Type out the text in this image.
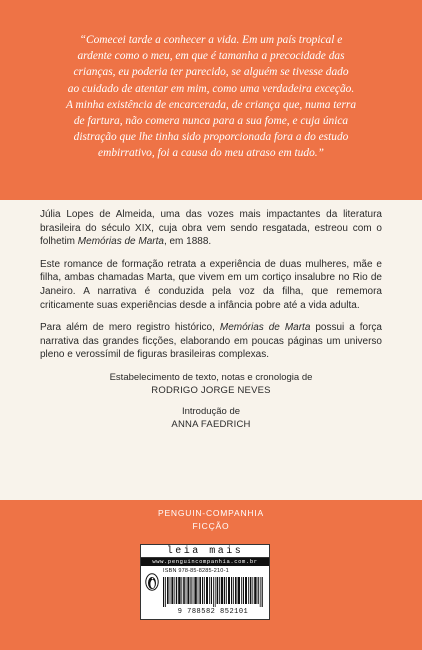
“Comecei tarde a conhecer a vida. Em um país tropical e
ardente como o meu, em que é tamanha a precocidade das
crianças, eu poderia ter parecido, se alguém se tivesse dado
ao cuidado de atentar em mim, como uma verdadeira exceção.
A minha existência de encarcerada, de criança que, numa terra
de fartura, não comera nunca para a sua fome, e cuja única
distração que lhe tinha sido proporcionada fora a do estudo
embirrativo, foi a causa do meu atraso em tudo.”

Júlia Lopes de Almeida, uma das vozes mais impactantes da literatura brasileira do século XIX, cuja obra vem sendo resgatada, estreou com o folhetim Memórias de Marta, em 1888.

Este romance de formação retrata a experiência de duas mulheres, mãe e filha, ambas chamadas Marta, que vivem em um cortiço insalubre no Rio de Janeiro. A narrativa é conduzida pela voz da filha, que rememora criticamente suas experiências desde a infância pobre até a vida adulta.

Para além de mero registro histórico, Memórias de Marta possui a força narrativa das grandes ficções, elaborando em poucas páginas um universo pleno e verossímil de figuras brasileiras complexas.

Estabelecimento de texto, notas e cronologia de

RODRIGO JORGE NEVES

Introdução de

ANNA FAEDRICH

PENGUIN-COMPANHIA
FICÇÃO
leia mais
www.penguincompanhia.com.br
ISBN 978-85-8285-210-1
9 788582 852101
